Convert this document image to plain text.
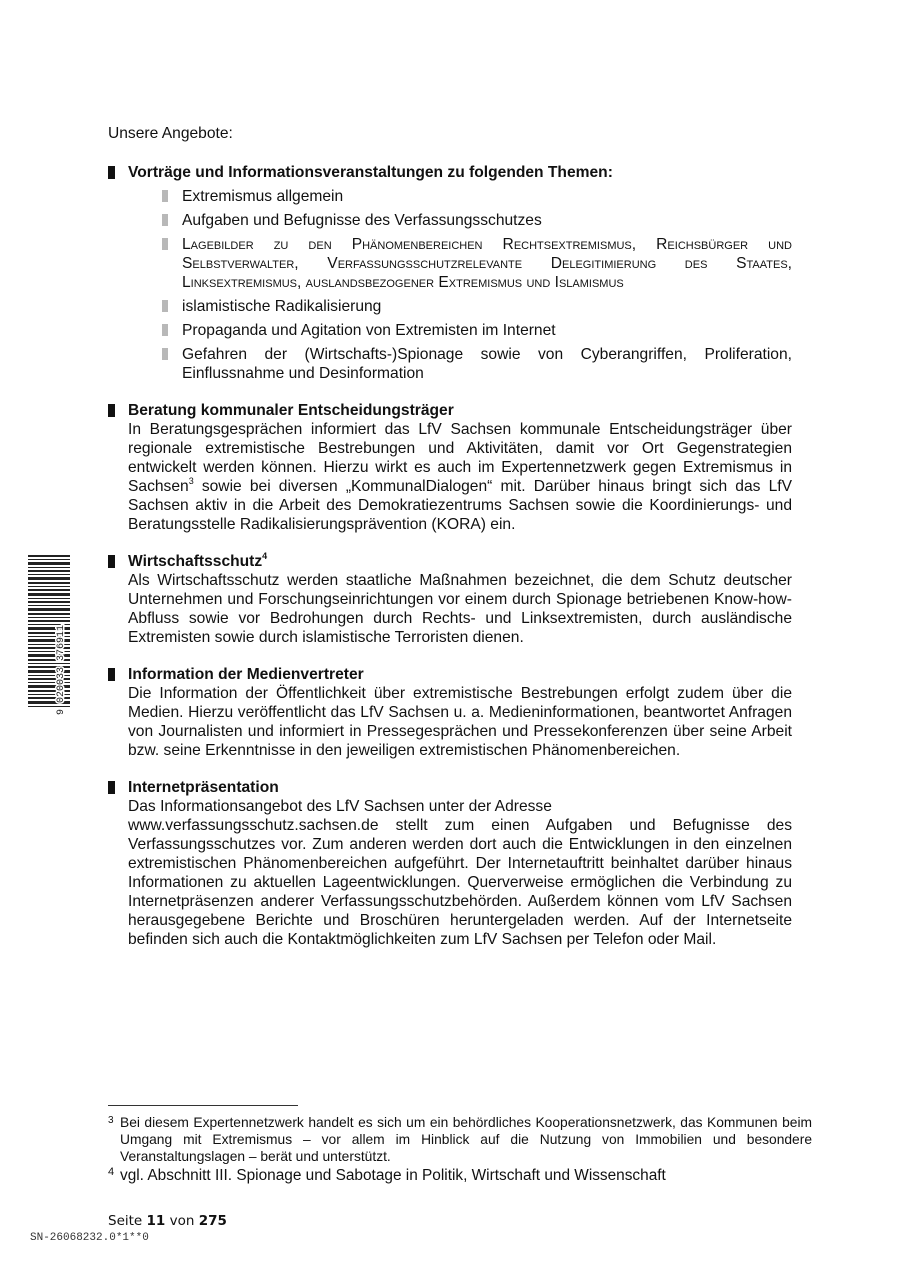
9 020033 376911
Unsere Angebote:
Vorträge und Informationsveranstaltungen zu folgenden Themen:
Extremismus allgemein
Aufgaben und Befugnisse des Verfassungsschutzes
Lagebilder zu den Phänomenbereichen Rechtsextremismus, Reichsbürger und Selbstverwalter, Verfassungsschutzrelevante Delegitimierung des Staates, Linksextremismus, auslandsbezogener Extremismus und Islamismus
islamistische Radikalisierung
Propaganda und Agitation von Extremisten im Internet
Gefahren der (Wirtschafts-)Spionage sowie von Cyberangriffen, Proliferation, Einflussnahme und Desinformation
Beratung kommunaler Entscheidungsträger
In Beratungsgesprächen informiert das LfV Sachsen kommunale Entscheidungsträger über regionale extremistische Bestrebungen und Aktivitäten, damit vor Ort Gegenstrategien entwickelt werden können. Hierzu wirkt es auch im Expertennetzwerk gegen Extremismus in Sachsen$^3$ sowie bei diversen „KommunalDialogen“ mit. Darüber hinaus bringt sich das LfV Sachsen aktiv in die Arbeit des Demokratiezentrums Sachsen sowie die Koordinierungs- und Beratungsstelle Radikalisierungsprävention (KORA) ein.
Wirtschaftsschutz$^4$
Als Wirtschaftsschutz werden staatliche Maßnahmen bezeichnet, die dem Schutz deutscher Unternehmen und Forschungseinrichtungen vor einem durch Spionage betriebenen Know-how-Abfluss sowie vor Bedrohungen durch Rechts- und Linksextremisten, durch ausländische Extremisten sowie durch islamistische Terroristen dienen.
Information der Medienvertreter
Die Information der Öffentlichkeit über extremistische Bestrebungen erfolgt zudem über die Medien. Hierzu veröffentlicht das LfV Sachsen u. a. Medieninformationen, beantwortet Anfragen von Journalisten und informiert in Pressegesprächen und Pressekonferenzen über seine Arbeit bzw. seine Erkenntnisse in den jeweiligen extremistischen Phänomenbereichen.
Internetpräsentation
Das Informationsangebot des LfV Sachsen unter der Adresse
www.verfassungsschutz.sachsen.de stellt zum einen Aufgaben und Befugnisse des Verfassungsschutzes vor. Zum anderen werden dort auch die Entwicklungen in den einzelnen extremistischen Phänomenbereichen aufgeführt. Der Internetauftritt beinhaltet darüber hinaus Informationen zu aktuellen Lageentwicklungen. Querverweise ermöglichen die Verbindung zu Internetpräsenzen anderer Verfassungsschutzbehörden. Außerdem können vom LfV Sachsen herausgegebene Berichte und Broschüren heruntergeladen werden. Auf der Internetseite befinden sich auch die Kontaktmöglichkeiten zum LfV Sachsen per Telefon oder Mail.
3 Bei diesem Expertennetzwerk handelt es sich um ein behördliches Kooperationsnetzwerk, das Kommunen beim Umgang mit Extremismus – vor allem im Hinblick auf die Nutzung von Immobilien und besondere Veranstaltungslagen – berät und unterstützt.
4 vgl. Abschnitt III. Spionage und Sabotage in Politik, Wirtschaft und Wissenschaft
Seite 11 von 275
SN-26068232.0*1**0
